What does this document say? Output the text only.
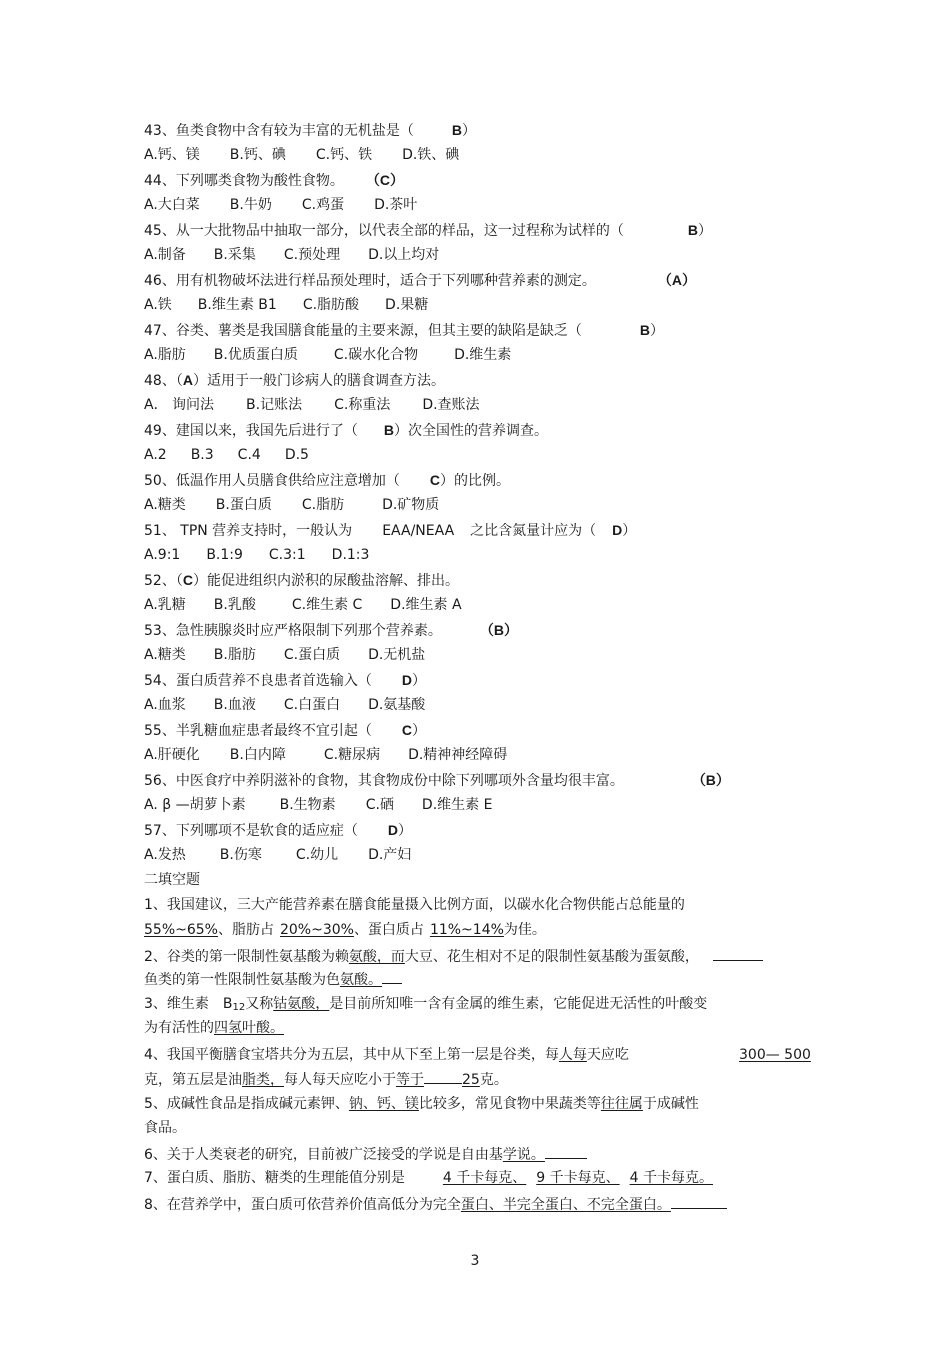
43、鱼类食物中含有较为丰富的无机盐是（	B）
A.钙、镁 B.钙、碘 C.钙、铁 D.铁、碘
44、下列哪类食物为酸性食物。 （C）
A.大白菜 B.牛奶 C.鸡蛋 D.茶叶
45、从一大批物品中抽取一部分，以代表全部的样品，这一过程称为试样的（	B）
A.制备 B.采集 C.预处理 D.以上均对
46、用有机物破坏法进行样品预处理时，适合于下列哪种营养素的测定。	（A）
A.铁 B.维生素 B1 C.脂肪酸 D.果糖
47、谷类、薯类是我国膳食能量的主要来源，但其主要的缺陷是缺乏（	B）
A.脂肪 B.优质蛋白质	C.碳水化合物	D.维生素
48、（A）适用于一般门诊病人的膳食调查方法。
A． 询问法 B.记账法 C.称重法 D.查账法
49、建国以来，我国先后进行了（ B）次全国性的营养调查。
A.2 B.3 C.4 D.5
50、低温作用人员膳食供给应注意增加（ C）的比例。
A.糖类 B.蛋白质 C.脂肪	D.矿物质
51、 TPN 营养支持时，一般认为 EAA/NEAA 之比含氮量计应为（ D）
A.9:1 B.1:9 C.3:1 D.1:3
52、（C）能促进组织内淤积的尿酸盐溶解、排出。
A.乳糖 B.乳酸	C.维生素 C D.维生素 A
53、急性胰腺炎时应严格限制下列那个营养素。	（B）
A.糖类 B.脂肪 C.蛋白质 D.无机盐
54、蛋白质营养不良患者首选输入（ D）
A.血浆 B.血液 C.白蛋白 D.氨基酸
55、半乳糖血症患者最终不宜引起（ C）
A.肝硬化 B.白内障	C.糖尿病 D.精神神经障碍
56、中医食疗中养阴滋补的食物，其食物成份中除下列哪项外含量均很丰富。	（B）
A. β —胡萝卜素 B.生物素 C.硒 D.维生素 E
57、下列哪项不是软食的适应症（ D）
A.发热 B.伤寒 C.幼儿 D.产妇
二填空题
1、我国建议，三大产能营养素在膳食能量摄入比例方面，以碳水化合物供能占总能量的
55%~65%、脂肪占 20%~30%、蛋白质占 11%~14%为佳。
2、谷类的第一限制性氨基酸为赖氨酸，而大豆、花生相对不足的限制性氨基酸为蛋氨酸，
鱼类的第一性限制性氨基酸为色氨酸。
3、维生素 $B_{12}$又称钴氨酸，是目前所知唯一含有金属的维生素，它能促进无活性的叶酸变
为有活性的四氢叶酸。
4、我国平衡膳食宝塔共分为五层，其中从下至上第一层是谷类，每人每天应吃	300— 500
克，第五层是油脂类，每人每天应吃小于等于	25克。
5、成碱性食品是指成碱元素钾、钠、钙、镁比较多，常见食物中果蔬类等往往属于成碱性
食品。
6、关于人类衰老的研究，目前被广泛接受的学说是自由基学说。
7、蛋白质、脂肪、糖类的生理能值分别是	4 千卡每克、 9 千卡每克、 4 千卡每克。
8、在营养学中，蛋白质可依营养价值高低分为完全蛋白、半完全蛋白、不完全蛋白。
3
